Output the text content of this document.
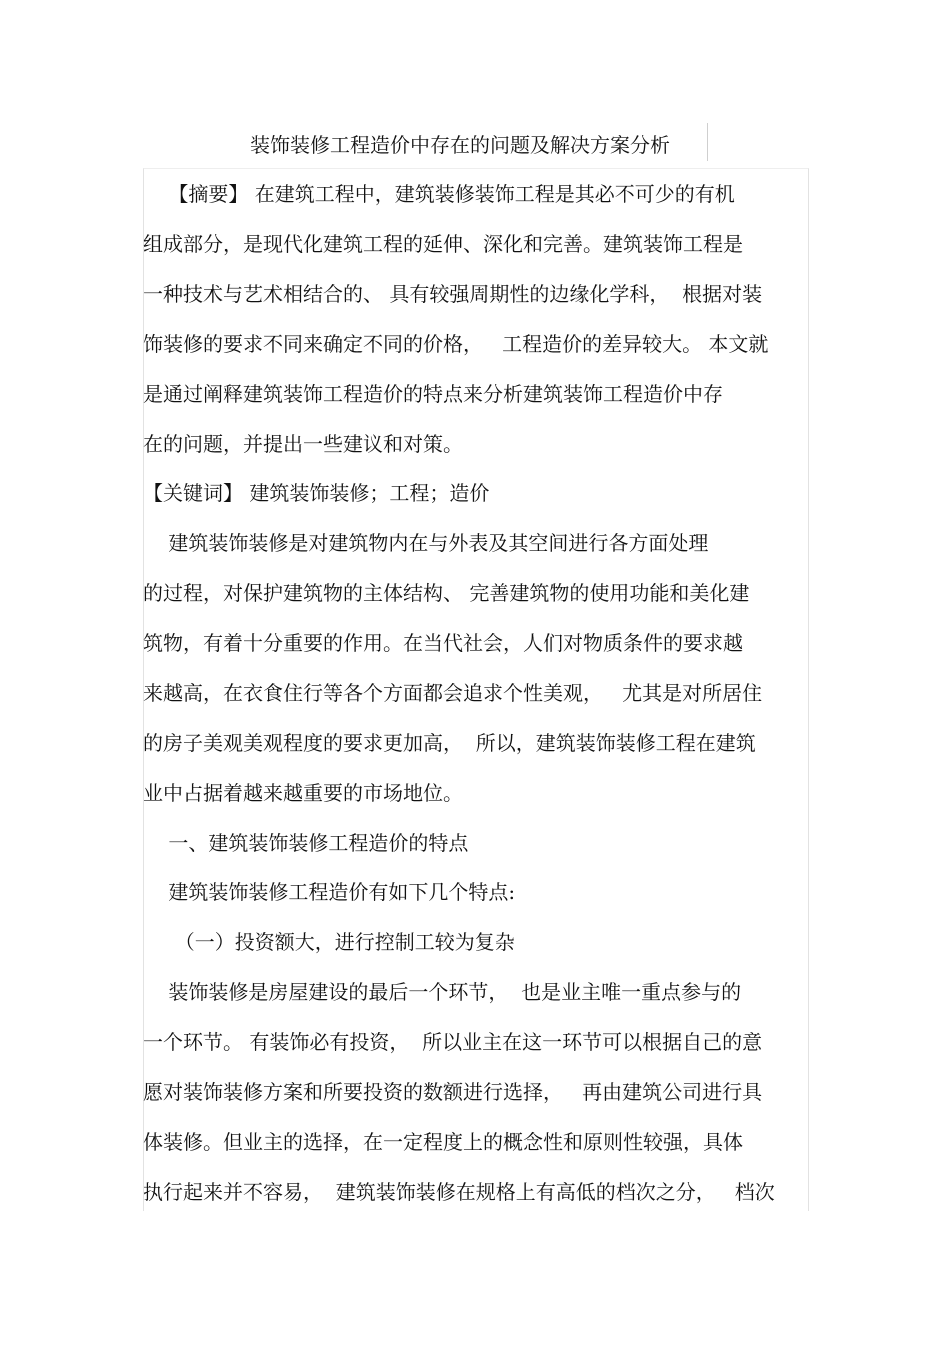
装饰装修工程造价中存在的问题及解决方案分析
【摘要】 在建筑工程中，建筑装修装饰工程是其必不可少的有机
组成部分，是现代化建筑工程的延伸、深化和完善。建筑装饰工程是
一种技术与艺术相结合的、 具有较强周期性的边缘化学科，  根据对装
饰装修的要求不同来确定不同的价格，   工程造价的差异较大。 本文就
是通过阐释建筑装饰工程造价的特点来分析建筑装饰工程造价中存
在的问题，并提出一些建议和对策。
【关键词】 建筑装饰装修；工程；造价
建筑装饰装修是对建筑物内在与外表及其空间进行各方面处理
的过程，对保护建筑物的主体结构、 完善建筑物的使用功能和美化建
筑物，有着十分重要的作用。在当代社会，人们对物质条件的要求越
来越高，在衣食住行等各个方面都会追求个性美观，   尤其是对所居住
的房子美观美观程度的要求更加高，  所以，建筑装饰装修工程在建筑
业中占据着越来越重要的市场地位。
一、建筑装饰装修工程造价的特点
建筑装饰装修工程造价有如下几个特点:
（一）投资额大，进行控制工较为复杂
装饰装修是房屋建设的最后一个环节，  也是业主唯一重点参与的
一个环节。 有装饰必有投资，  所以业主在这一环节可以根据自己的意
愿对装饰装修方案和所要投资的数额进行选择，   再由建筑公司进行具
体装修。但业主的选择，在一定程度上的概念性和原则性较强，具体
执行起来并不容易，  建筑装饰装修在规格上有高低的档次之分，   档次
